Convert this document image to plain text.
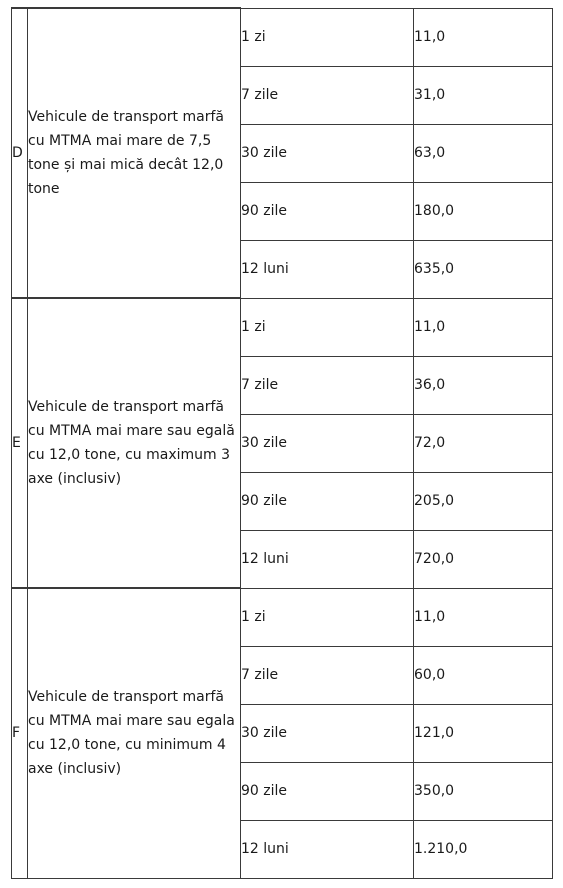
D	Vehicule de transport marfă cu MTMA mai mare de 7,5 tone și mai mică decât 12,0 tone	1 zi	11,0
		7 zile	31,0
		30 zile	63,0
		90 zile	180,0
		12 luni	635,0
E	Vehicule de transport marfă cu MTMA mai mare sau egală cu 12,0 tone, cu maximum 3 axe (inclusiv)	1 zi	11,0
		7 zile	36,0
		30 zile	72,0
		90 zile	205,0
		12 luni	720,0
F	Vehicule de transport marfă cu MTMA mai mare sau egala cu 12,0 tone, cu minimum 4 axe (inclusiv)	1 zi	11,0
		7 zile	60,0
		30 zile	121,0
		90 zile	350,0
		12 luni	1.210,0
